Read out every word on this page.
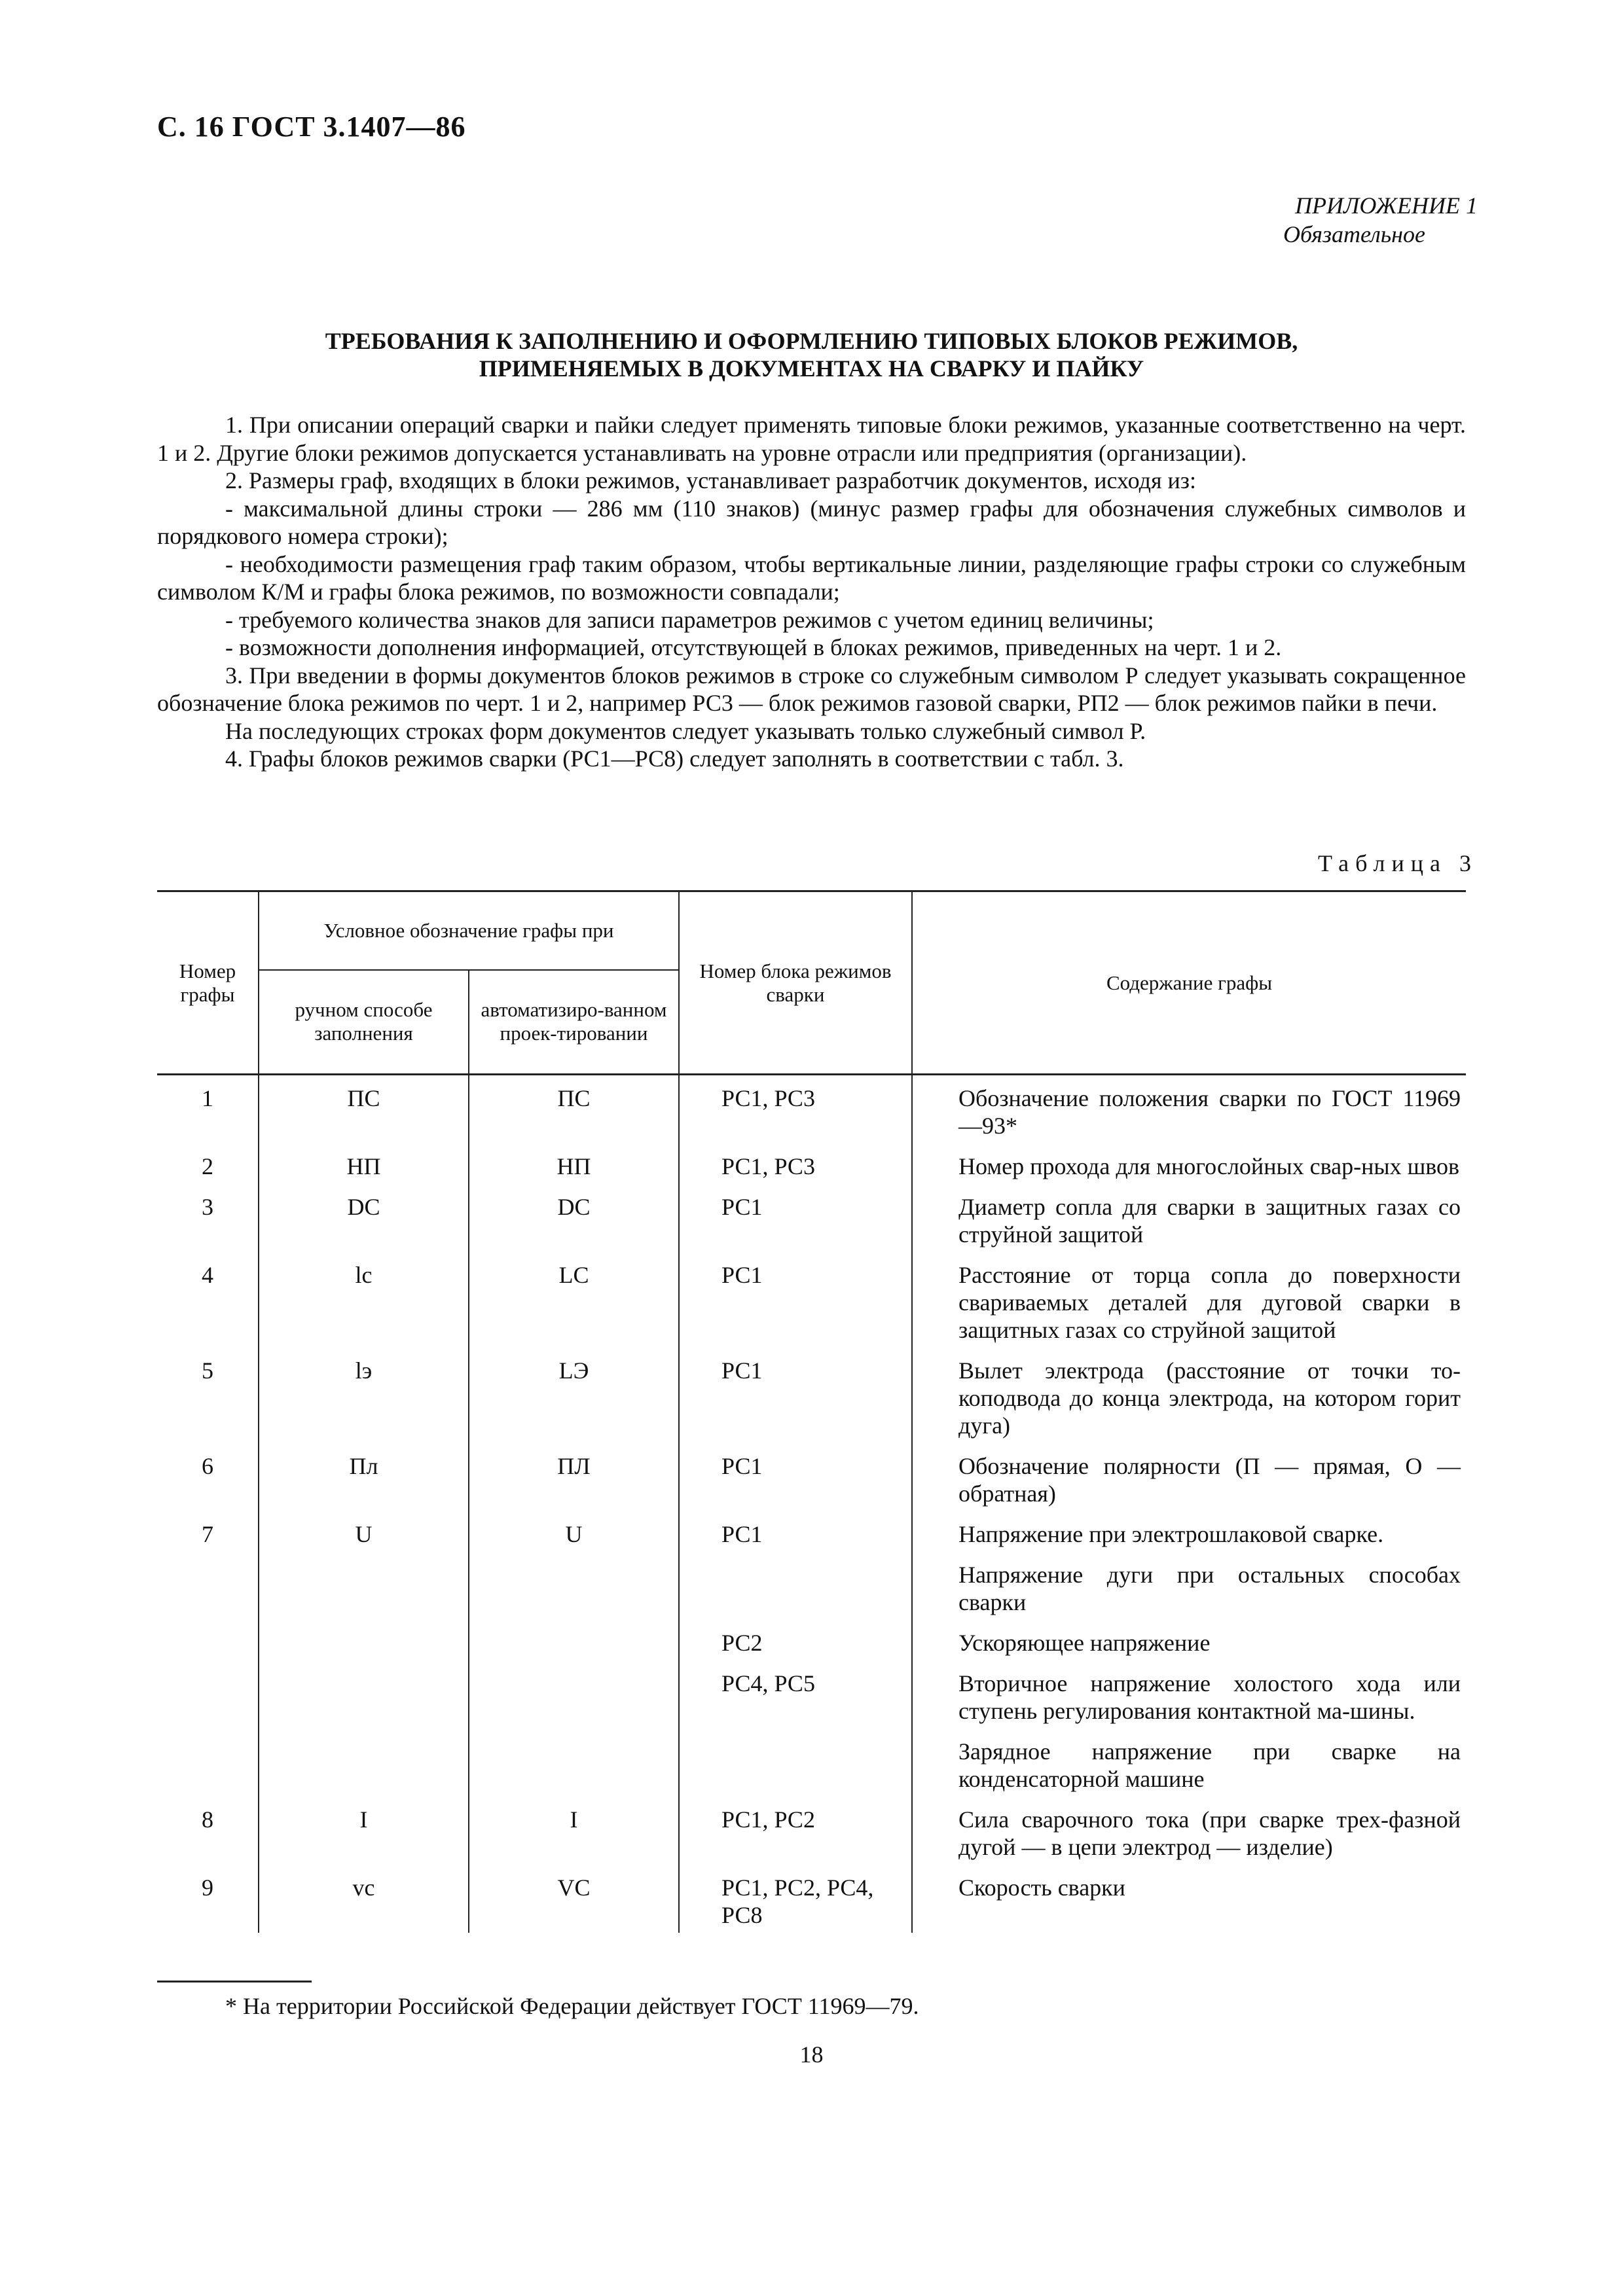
С. 16 ГОСТ 3.1407—86
ПРИЛОЖЕНИЕ 1
Обязательное
ТРЕБОВАНИЯ К ЗАПОЛНЕНИЮ И ОФОРМЛЕНИЮ ТИПОВЫХ БЛОКОВ РЕЖИМОВ,
ПРИМЕНЯЕМЫХ В ДОКУМЕНТАХ НА СВАРКУ И ПАЙКУ

1. При описании операций сварки и пайки следует применять типовые блоки режимов, указанные соответственно на черт. 1 и 2. Другие блоки режимов допускается устанавливать на уровне отрасли или предприятия (организации).

2. Размеры граф, входящих в блоки режимов, устанавливает разработчик документов, исходя из:

- максимальной длины строки — 286 мм (110 знаков) (минус размер графы для обозначения служебных символов и порядкового номера строки);

- необходимости размещения граф таким образом, чтобы вертикальные линии, разделяющие графы строки со служебным символом К/М и графы блока режимов, по возможности совпадали;

- требуемого количества знаков для записи параметров режимов с учетом единиц величины;

- возможности дополнения информацией, отсутствующей в блоках режимов, приведенных на черт. 1 и 2.

3. При введении в формы документов блоков режимов в строке со служебным символом Р следует указывать сокращенное обозначение блока режимов по черт. 1 и 2, например РС3 — блок режимов газовой сварки, РП2 — блок режимов пайки в печи.

На последующих строках форм документов следует указывать только служебный символ Р.

4. Графы блоков режимов сварки (РС1—РС8) следует заполнять в соответствии с табл. 3.

Таблица 3
Номер графы	Условное обозначение графы при		Номер блока режимов сварки	Содержание графы
	ручном способе заполнения	автоматизиро-ванном проек-тировании		
1	ПС	ПС	РС1, РС3	Обозначение положения сварки по ГОСТ 11969—93*
2	НП	НП	РС1, РС3	Номер прохода для многослойных свар-ных швов
3	DC	DC	РС1	Диаметр сопла для сварки в защитных газах со струйной защитой
4	lc	LC	РС1	Расстояние от торца сопла до поверхности свариваемых деталей для дуговой сварки в защитных газах со струйной защитой
5	lэ	LЭ	РС1	Вылет электрода (расстояние от точки то-коподвода до конца электрода, на котором горит дуга)
6	Пл	ПЛ	РС1	Обозначение полярности (П — прямая, О — обратная)
7	U	U	РС1	Напряжение при электрошлаковой сварке.
				Напряжение дуги при остальных способах сварки
			РС2	Ускоряющее напряжение
			РС4, РС5	Вторичное напряжение холостого хода или ступень регулирования контактной ма-шины.
				Зарядное напряжение при сварке на конденсаторной машине
8	I	I	РС1, РС2	Сила сварочного тока (при сварке трех-фазной дугой — в цепи электрод — изделие)
9	vc	VC	РС1, РС2, РС4, РС8	Скорость сварки
* На территории Российской Федерации действует ГОСТ 11969—79.
18
